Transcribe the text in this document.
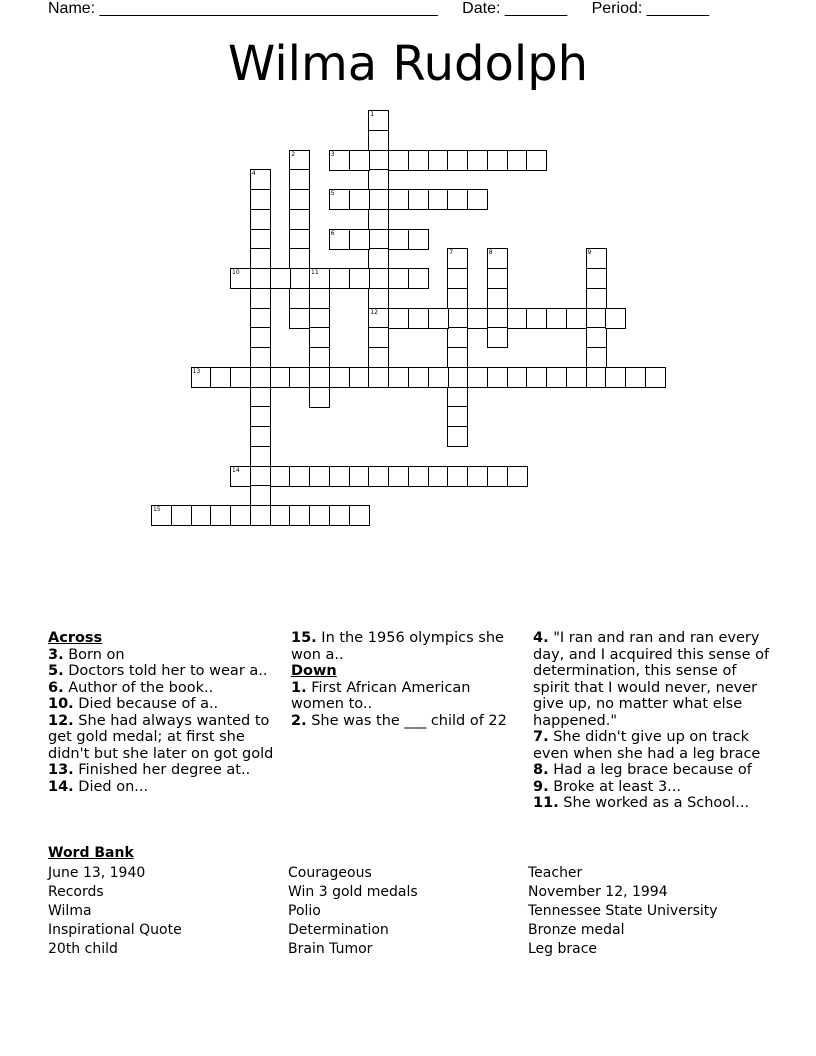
Name: ______________________________________ Date: _______ Period: _______
Wilma Rudolph
1
12
2	3
4
5
6
7	8	9
10	11
13
14
15
Across
3. Born on
5. Doctors told her to wear a..
6. Author of the book..
10. Died because of a..
12. She had always wanted to get gold medal; at first she didn't but she later on got gold
13. Finished her degree at..
14. Died on...
15. In the 1956 olympics she won a..
Down
1. First African American women to..
2. She was the ___ child of 22
4. "I ran and ran and ran every day, and I acquired this sense of determination, this sense of spirit that I would never, never give up, no matter what else happened."
7. She didn't give up on track even when she had a leg brace
8. Had a leg brace because of
9. Broke at least 3...
11. She worked as a School...
Word Bank
June 13, 1940
Records
Wilma
Inspirational Quote
20th child
Courageous
Win 3 gold medals
Polio
Determination
Brain Tumor
Teacher
November 12, 1994
Tennessee State University
Bronze medal
Leg brace
